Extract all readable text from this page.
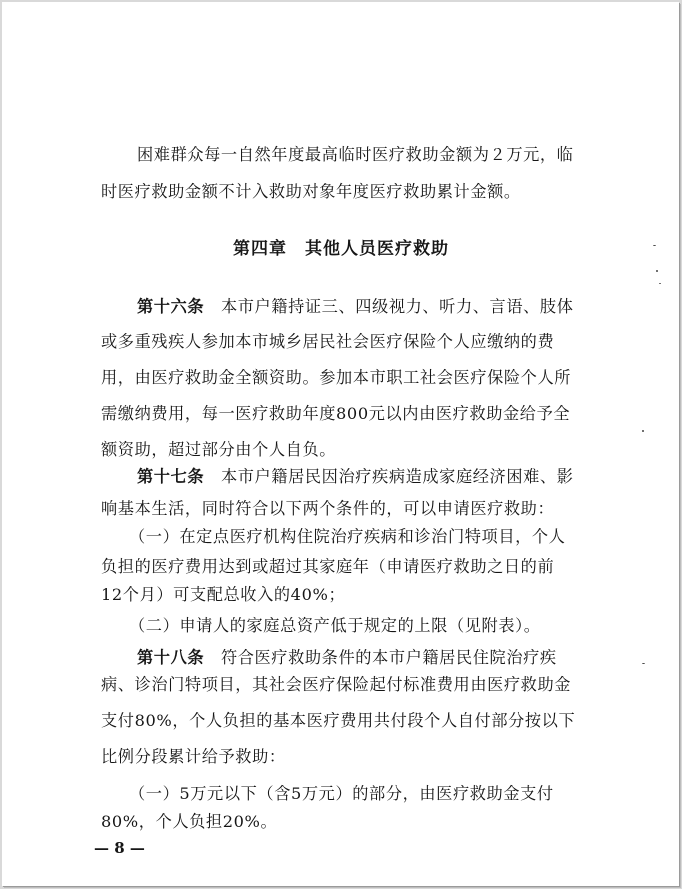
困难群众每一自然年度最高临时医疗救助金额为２万元，临
时医疗救助金额不计入救助对象年度医疗救助累计金额。
第四章　其他人员医疗救助
第十六条　本市户籍持证三、四级视力、听力、言语、肢体
或多重残疾人参加本市城乡居民社会医疗保险个人应缴纳的费
用，由医疗救助金全额资助。参加本市职工社会医疗保险个人所
需缴纳费用，每一医疗救助年度800元以内由医疗救助金给予全
额资助，超过部分由个人自负。
第十七条　本市户籍居民因治疗疾病造成家庭经济困难、影
响基本生活，同时符合以下两个条件的，可以申请医疗救助：
（一）在定点医疗机构住院治疗疾病和诊治门特项目，个人
负担的医疗费用达到或超过其家庭年（申请医疗救助之日的前
12个月）可支配总收入的40%；
（二）申请人的家庭总资产低于规定的上限（见附表）。
第十八条　符合医疗救助条件的本市户籍居民住院治疗疾
病、诊治门特项目，其社会医疗保险起付标准费用由医疗救助金
支付80%，个人负担的基本医疗费用共付段个人自付部分按以下
比例分段累计给予救助：
（一）5万元以下（含5万元）的部分，由医疗救助金支付
80%，个人负担20%。
— 8 —
